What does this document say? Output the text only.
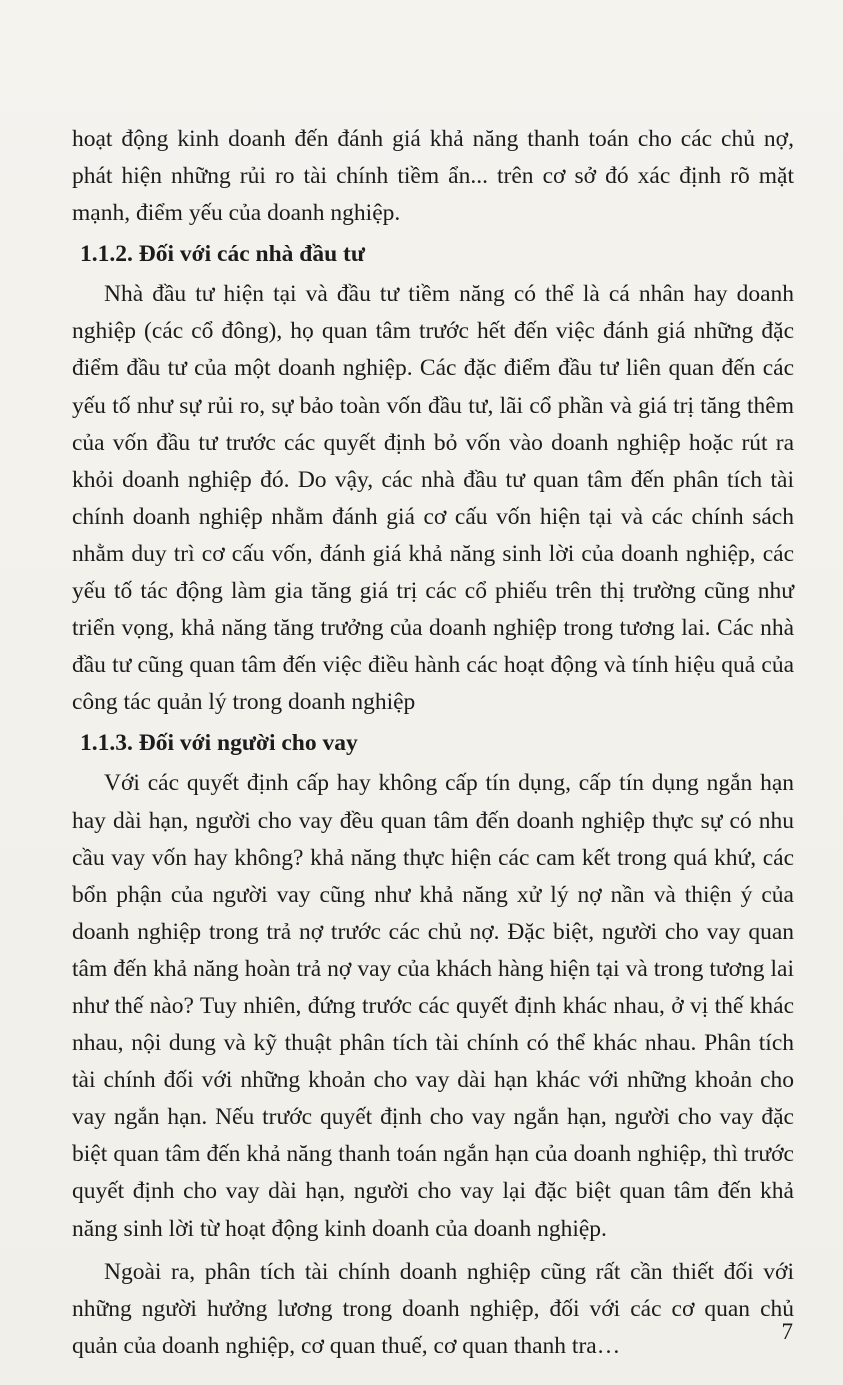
hoạt động kinh doanh đến đánh giá khả năng thanh toán cho các chủ nợ, phát hiện những rủi ro tài chính tiềm ẩn... trên cơ sở đó xác định rõ mặt mạnh, điểm yếu của doanh nghiệp.

1.1.2. Đối với các nhà đầu tư

Nhà đầu tư hiện tại và đầu tư tiềm năng có thể là cá nhân hay doanh nghiệp (các cổ đông), họ quan tâm trước hết đến việc đánh giá những đặc điểm đầu tư của một doanh nghiệp. Các đặc điểm đầu tư liên quan đến các yếu tố như sự rủi ro, sự bảo toàn vốn đầu tư, lãi cổ phần và giá trị tăng thêm của vốn đầu tư trước các quyết định bỏ vốn vào doanh nghiệp hoặc rút ra khỏi doanh nghiệp đó. Do vậy, các nhà đầu tư quan tâm đến phân tích tài chính doanh nghiệp nhằm đánh giá cơ cấu vốn hiện tại và các chính sách nhằm duy trì cơ cấu vốn, đánh giá khả năng sinh lời của doanh nghiệp, các yếu tố tác động làm gia tăng giá trị các cổ phiếu trên thị trường cũng như triển vọng, khả năng tăng trưởng của doanh nghiệp trong tương lai. Các nhà đầu tư cũng quan tâm đến việc điều hành các hoạt động và tính hiệu quả của công tác quản lý trong doanh nghiệp

1.1.3. Đối với người cho vay

Với các quyết định cấp hay không cấp tín dụng, cấp tín dụng ngắn hạn hay dài hạn, người cho vay đều quan tâm đến doanh nghiệp thực sự có nhu cầu vay vốn hay không? khả năng thực hiện các cam kết trong quá khứ, các bổn phận của người vay cũng như khả năng xử lý nợ nần và thiện ý của doanh nghiệp trong trả nợ trước các chủ nợ. Đặc biệt, người cho vay quan tâm đến khả năng hoàn trả nợ vay của khách hàng hiện tại và trong tương lai như thế nào? Tuy nhiên, đứng trước các quyết định khác nhau, ở vị thế khác nhau, nội dung và kỹ thuật phân tích tài chính có thể khác nhau. Phân tích tài chính đối với những khoản cho vay dài hạn khác với những khoản cho vay ngắn hạn. Nếu trước quyết định cho vay ngắn hạn, người cho vay đặc biệt quan tâm đến khả năng thanh toán ngắn hạn của doanh nghiệp, thì trước quyết định cho vay dài hạn, người cho vay lại đặc biệt quan tâm đến khả năng sinh lời từ hoạt động kinh doanh của doanh nghiệp.

Ngoài ra, phân tích tài chính doanh nghiệp cũng rất cần thiết đối với những người hưởng lương trong doanh nghiệp, đối với các cơ quan chủ quản của doanh nghiệp, cơ quan thuế, cơ quan thanh tra…

7
